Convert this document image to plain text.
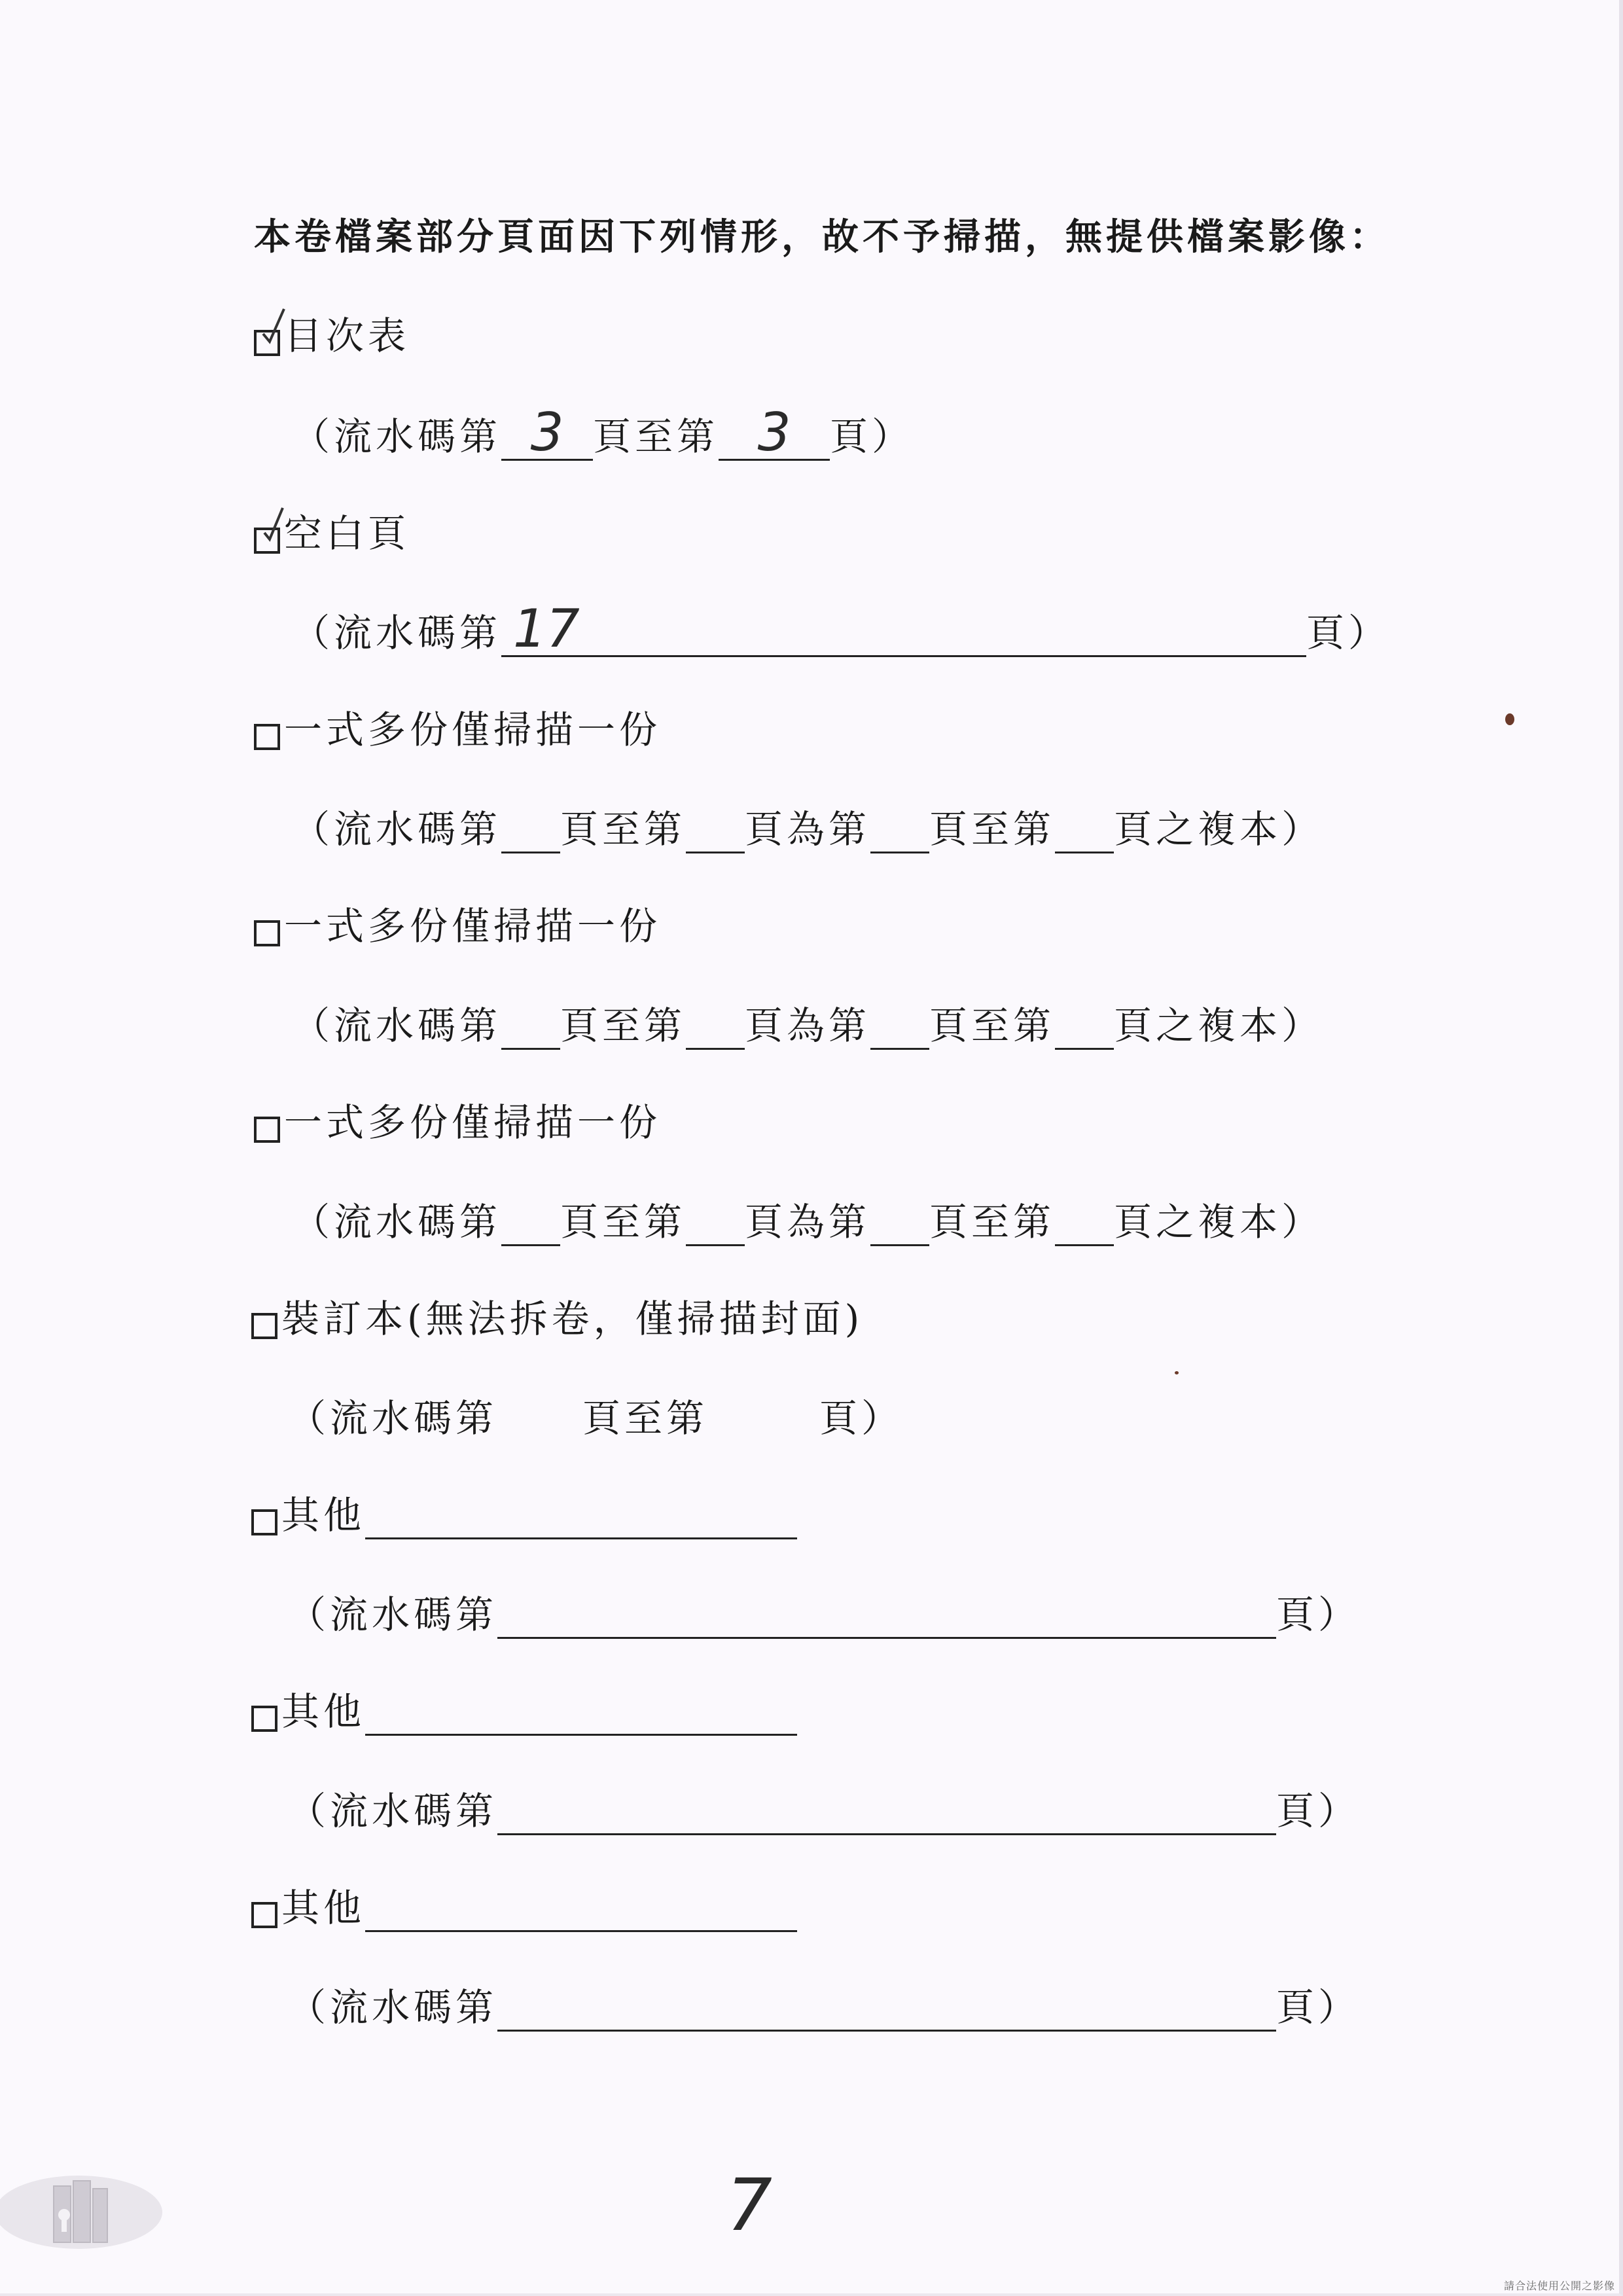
本卷檔案部分頁面因下列情形，故不予掃描，無提供檔案影像：
目次表
（流水碼第 3 頁至第 3	頁）
空白頁
（流水碼第 17	頁）
一式多份僅掃描一份
（流水碼第 頁至第 頁為第 頁至第 頁之複本）
一式多份僅掃描一份
（流水碼第 頁至第 頁為第 頁至第 頁之複本）
一式多份僅掃描一份
（流水碼第 頁至第 頁為第 頁至第 頁之複本）
裝訂本(無法拆卷，僅掃描封面)
（流水碼第 頁至第	頁）
其他
（流水碼第	頁）
其他
（流水碼第	頁）
其他
（流水碼第	頁）
7
請合法使用公開之影像
